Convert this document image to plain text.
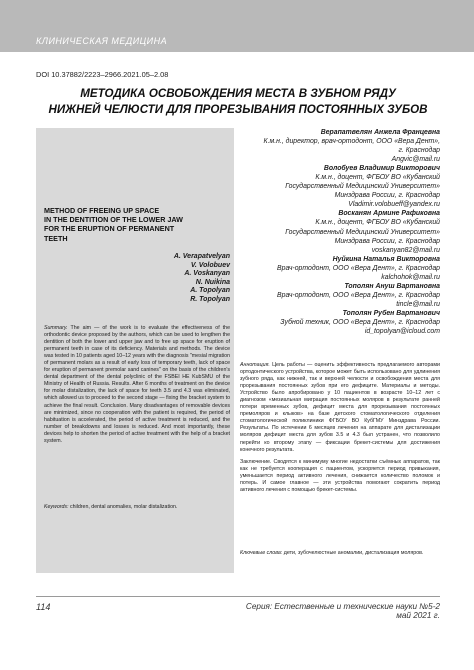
КЛИНИЧЕСКАЯ МЕДИЦИНА
DOI 10.37882/2223–2966.2021.05–2.08
МЕТОДИКА ОСВОБОЖДЕНИЯ МЕСТА В ЗУБНОМ РЯДУ
НИЖНЕЙ ЧЕЛЮСТИ ДЛЯ ПРОРЕЗЫВАНИЯ ПОСТОЯННЫХ ЗУБОВ
METHOD OF FREEING UP SPACE
IN THE DENTITION OF THE LOWER JAW
FOR THE ERUPTION OF PERMANENT
TEETH
A. Verapatvelyan
V. Volobuev
A. Voskanyan
N. Nuikina
A. Topolyan
R. Topolyan
Summary. The aim — of the work is to evaluate the effectiveness of the orthodontic device proposed by the authors, which can be used to lengthen the dentition of both the lower and upper jaw and to free up space for eruption of permanent teeth in case of its deficiency. Materials and methods. The device was tested in 10 patients aged 10–12 years with the diagnosis "mesial migration of permanent molars as a result of early loss of temporary teeth, lack of space for eruption of permanent premolar sand canines" on the basis of the children's dental department of the dental polyclinic of the FSBEI HE KubSMU of the Ministry of Health of Russia. Results. After 6 months of treatment on the device for molar distalization, the lack of space for teeth 3.5 and 4.3 was eliminated, which allowed us to proceed to the second stage — fixing the bracket system to achieve the final result. Conclusion. Many disadvantages of removable devices are minimized, since no cooperation with the patient is required, the period of habituation is accelerated, the period of active treatment is reduced, and the number of breakdowns and losses is reduced. And most importantly, these devices help to shorten the period of active treatment with the help of a bracket system.
Keywords: children, dental anomalies, molar distalization.
Верапатвелян Анжела Францевна
К.м.н., директор, врач-ортодонт, ООО «Вера Дент»,
г. Краснодар
Angvic@mail.ru
Волобуев Владимир Викторович
К.м.н., доцент, ФГБОУ ВО «Кубанский
Государственный Медицинский Университет»
Минздрава России, г. Краснодар
Vladimir.volobueff@yandex.ru
Восканян Армине Рафиковна
К.м.н., доцент, ФГБОУ ВО «Кубанский
Государственный Медицинский Университет»
Минздрава России, г. Краснодар
voskanyan82@mail.ru
Нуйкина Наталья Викторовна
Врач-ортодонт, ООО «Вера Дент», г. Краснодар
kalchohok@mail.ru
Тополян Ануш Вартановна
Врач-ортодонт, ООО «Вера Дент», г. Краснодар
tincle@mail.ru
Тополян Рубен Вартанович
Зубной техник, ООО «Вера Дент», г. Краснодар
id_topolyan@icloud.com

Аннотация. Цель работы — оценить эффективность предлагаемого авторами ортодонтического устройства, которое может быть использовано для удлинения зубного ряда, как нижней, так и верхней челюсти и освобождения места для прорезывания постоянных зубов при его дефиците. Материалы и методы. Устройство было апробировано у 10 пациентов в возрасте 10–12 лет с диагнозом «мезиальная миграция постоянных моляров в результате ранней потери временных зубов, дефицит места для прорезывания постоянных премоляров и клыков» на базе детского стоматологического отделения стоматологической поликлиники ФГБОУ ВО КубГМУ Минздрава России. Результаты. По истечении 6 месяцев лечения на аппарате для дистализации моляров дефицит места для зубов 3.5 и 4.3 был устранен, что позволило перейти ко второму этапу — фиксации брекет-системы для достижения конечного результата.

Заключение. Сводятся к минимуму многие недостатки съёмных аппаратов, так как не требуется кооперация с пациентом, ускоряется период привыкания, уменьшается период активного лечения, снижается количество поломок и потерь. И самое главное — эти устройства помогают сократить период активного лечения с помощью брекет-системы.

Ключевые слова: дети, зубочелюстные аномалии, дистализация моляров.
114	Серия: Естественные и технические науки №5-2 май 2021 г.
